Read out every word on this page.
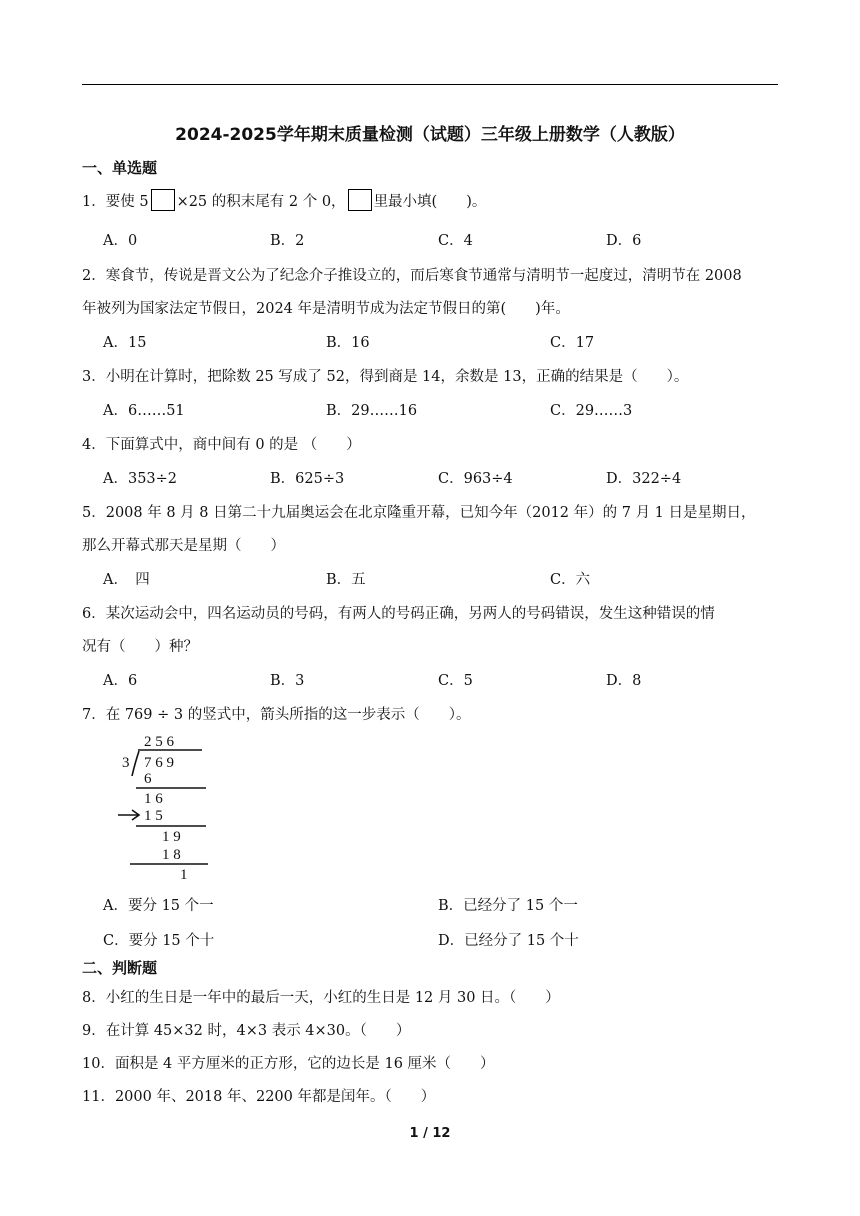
2024-2025学年期末质量检测（试题）三年级上册数学（人教版）
一、单选题
1．要使 5 ×25 的积末尾有 2 个 0， 里最小填(　　)。
A．0	B．2	C．4	D．6
2．寒食节，传说是晋文公为了纪念介子推设立的，而后寒食节通常与清明节一起度过，清明节在 2008
年被列为国家法定节假日，2024 年是清明节成为法定节假日的第(　　)年。
A．15	B．16	C．17
3．小明在计算时，把除数 25 写成了 52，得到商是 14，余数是 13，正确的结果是（　　）。
A．6……51	B．29……16	C．29……3
4．下面算式中，商中间有 0 的是 （　　）
A．353÷2	B．625÷3	C．963÷4	D．322÷4
5．2008 年 8 月 8 日第二十九届奥运会在北京隆重开幕，已知今年（2012 年）的 7 月 1 日是星期日，
那么开幕式那天是星期（　　）
A．　四	B．五	C．六
6．某次运动会中，四名运动员的号码，有两人的号码正确，另两人的号码错误，发生这种错误的情
况有（　　）种？
A．6	B．3	C．5	D．8
7．在 769 ÷ 3 的竖式中，箭头所指的这一步表示（　　）。
2 5 6
3 7 6 9
6
1 6
1 5
1 9
1 8
1
A．要分 15 个一	B．已经分了 15 个一
C．要分 15 个十	D．已经分了 15 个十
二、判断题
8．小红的生日是一年中的最后一天，小红的生日是 12 月 30 日。（　　）
9．在计算 45×32 时，4×3 表示 4×30。（　　）
10．面积是 4 平方厘米的正方形，它的边长是 16 厘米（　　）
11．2000 年、2018 年、2200 年都是闰年。（　　）
1 / 12
